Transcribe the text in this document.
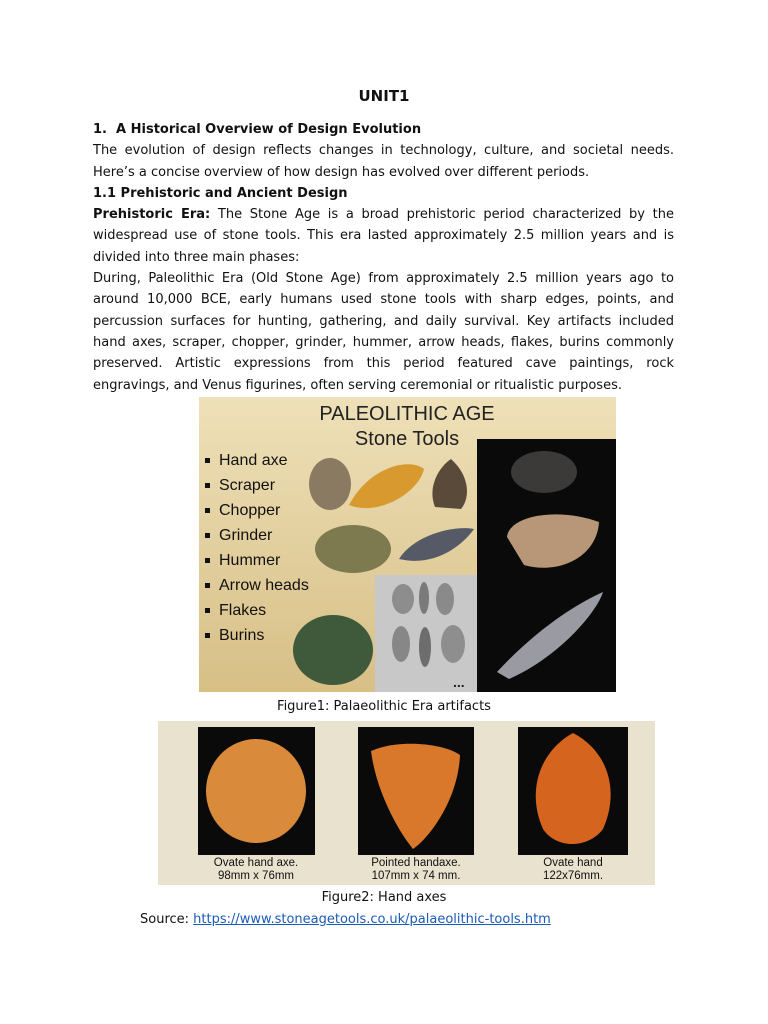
UNIT1
1. A Historical Overview of Design Evolution
The evolution of design reflects changes in technology, culture, and societal needs.
Here’s a concise overview of how design has evolved over different periods.
1.1 Prehistoric and Ancient Design
Prehistoric Era: The Stone Age is a broad prehistoric period characterized by the widespread use of stone tools. This era lasted approximately 2.5 million years and is divided into three main phases:
During, Paleolithic Era (Old Stone Age) from approximately 2.5 million years ago to around 10,000 BCE, early humans used stone tools with sharp edges, points, and percussion surfaces for hunting, gathering, and daily survival. Key artifacts included hand axes, scraper, chopper, grinder, hummer, arrow heads, flakes, burins commonly preserved. Artistic expressions from this period featured cave paintings, rock engravings, and Venus figurines, often serving ceremonial or ritualistic purposes.
PALEOLITHIC AGE
Stone Tools
Hand axe
Scraper
Chopper
Grinder
Hummer
Arrow heads
Flakes
Burins
...
Figure1: Palaeolithic Era artifacts
Ovate hand axe.
98mm x 76mm
Pointed handaxe.
107mm x 74 mm.
Ovate hand
122x76mm.
Figure2: Hand axes
Source: https://www.stoneagetools.co.uk/palaeolithic-tools.htm
